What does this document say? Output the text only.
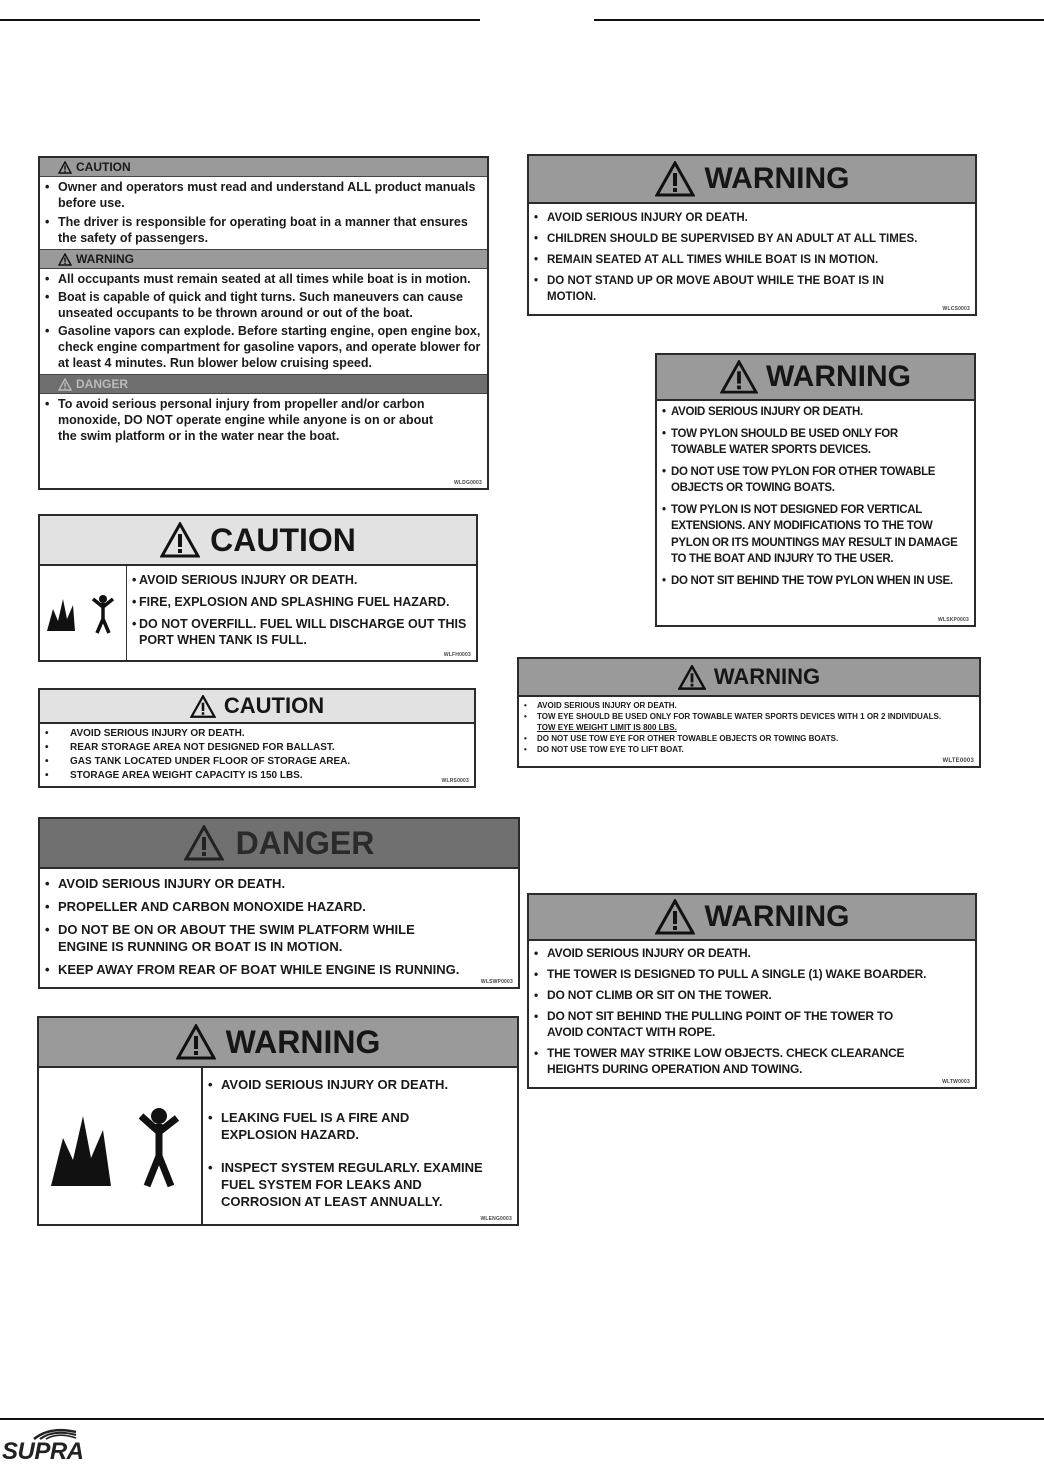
CAUTION
• Owner and operators must read and understand ALL product manuals before use.
• The driver is responsible for operating boat in a manner that ensures the safety of passengers.
WARNING
• All occupants must remain seated at all times while boat is in motion.
• Boat is capable of quick and tight turns. Such maneuvers can cause unseated occupants to be thrown around or out of the boat.
• Gasoline vapors can explode. Before starting engine, open engine box, check engine compartment for gasoline vapors, and operate blower for at least 4 minutes. Run blower below cruising speed.
DANGER
• To avoid serious personal injury from propeller and/or carbon monoxide, DO NOT operate engine while anyone is on or about the swim platform or in the water near the boat.
WLDG0003
CAUTION
• AVOID SERIOUS INJURY OR DEATH.
• FIRE, EXPLOSION AND SPLASHING FUEL HAZARD.
• DO NOT OVERFILL. FUEL WILL DISCHARGE OUT THIS PORT WHEN TANK IS FULL.
WLFH0003
CAUTION
• AVOID SERIOUS INJURY OR DEATH.
• REAR STORAGE AREA NOT DESIGNED FOR BALLAST.
• GAS TANK LOCATED UNDER FLOOR OF STORAGE AREA.
• STORAGE AREA WEIGHT CAPACITY IS 150 LBS.	WLRS0003
DANGER
• AVOID SERIOUS INJURY OR DEATH.
• PROPELLER AND CARBON MONOXIDE HAZARD.
• DO NOT BE ON OR ABOUT THE SWIM PLATFORM WHILE ENGINE IS RUNNING OR BOAT IS IN MOTION.
• KEEP AWAY FROM REAR OF BOAT WHILE ENGINE IS RUNNING.
WLSWP0003
WARNING
• AVOID SERIOUS INJURY OR DEATH.
• LEAKING FUEL IS A FIRE AND EXPLOSION HAZARD.
• INSPECT SYSTEM REGULARLY. EXAMINE FUEL SYSTEM FOR LEAKS AND CORROSION AT LEAST ANNUALLY.
WLENG0003
WARNING
• AVOID SERIOUS INJURY OR DEATH.
• CHILDREN SHOULD BE SUPERVISED BY AN ADULT AT ALL TIMES.
• REMAIN SEATED AT ALL TIMES WHILE BOAT IS IN MOTION.
• DO NOT STAND UP OR MOVE ABOUT WHILE THE BOAT IS IN MOTION.
WLCS0003
WARNING
• AVOID SERIOUS INJURY OR DEATH.
• TOW PYLON SHOULD BE USED ONLY FOR TOWABLE WATER SPORTS DEVICES.
• DO NOT USE TOW PYLON FOR OTHER TOWABLE OBJECTS OR TOWING BOATS.
• TOW PYLON IS NOT DESIGNED FOR VERTICAL EXTENSIONS. ANY MODIFICATIONS TO THE TOW PYLON OR ITS MOUNTINGS MAY RESULT IN DAMAGE TO THE BOAT AND INJURY TO THE USER.
• DO NOT SIT BEHIND THE TOW PYLON WHEN IN USE.
WLSKP0003
WARNING
• AVOID SERIOUS INJURY OR DEATH.
• TOW EYE SHOULD BE USED ONLY FOR TOWABLE WATER SPORTS DEVICES WITH 1 OR 2 INDIVIDUALS. TOW EYE WEIGHT LIMIT IS 800 LBS.
• DO NOT USE TOW EYE FOR OTHER TOWABLE OBJECTS OR TOWING BOATS.
• DO NOT USE TOW EYE TO LIFT BOAT.
WLTE0003
WARNING
• AVOID SERIOUS INJURY OR DEATH.
• THE TOWER IS DESIGNED TO PULL A SINGLE (1) WAKE BOARDER.
• DO NOT CLIMB OR SIT ON THE TOWER.
• DO NOT SIT BEHIND THE PULLING POINT OF THE TOWER TO AVOID CONTACT WITH ROPE.
• THE TOWER MAY STRIKE LOW OBJECTS. CHECK CLEARANCE HEIGHTS DURING OPERATION AND TOWING.
WLTW0003
SUPRA
